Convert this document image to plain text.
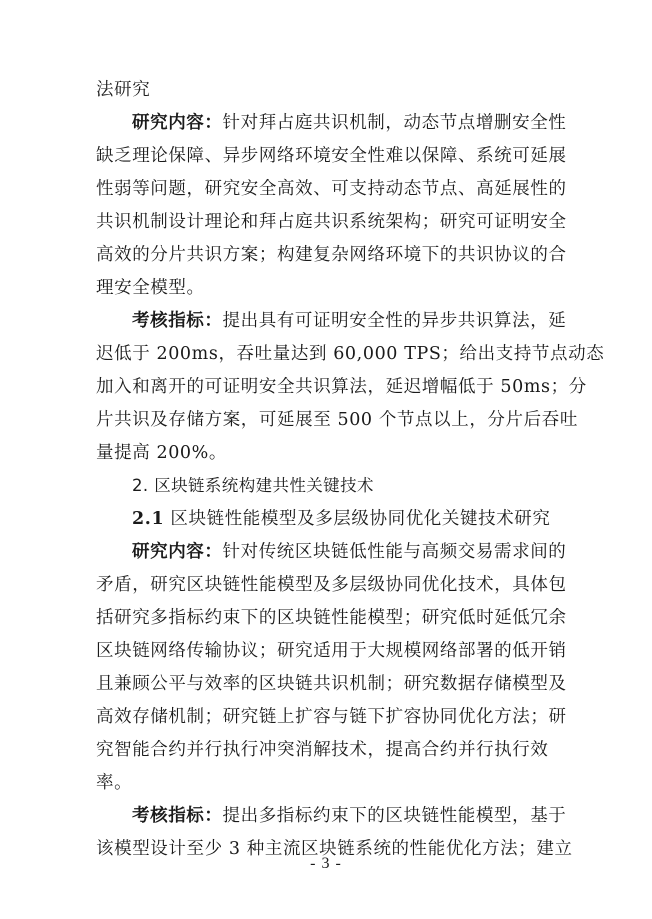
法研究
研究内容：针对拜占庭共识机制，动态节点增删安全性
缺乏理论保障、异步网络环境安全性难以保障、系统可延展
性弱等问题，研究安全高效、可支持动态节点、高延展性的
共识机制设计理论和拜占庭共识系统架构；研究可证明安全
高效的分片共识方案；构建复杂网络环境下的共识协议的合
理安全模型。
考核指标：提出具有可证明安全性的异步共识算法，延
迟低于 200ms，吞吐量达到 60,000 TPS；给出支持节点动态
加入和离开的可证明安全共识算法，延迟增幅低于 50ms；分
片共识及存储方案，可延展至 500 个节点以上，分片后吞吐
量提高 200%。
2. 区块链系统构建共性关键技术
2.1 区块链性能模型及多层级协同优化关键技术研究
研究内容：针对传统区块链低性能与高频交易需求间的
矛盾，研究区块链性能模型及多层级协同优化技术，具体包
括研究多指标约束下的区块链性能模型；研究低时延低冗余
区块链网络传输协议；研究适用于大规模网络部署的低开销
且兼顾公平与效率的区块链共识机制；研究数据存储模型及
高效存储机制；研究链上扩容与链下扩容协同优化方法；研
究智能合约并行执行冲突消解技术，提高合约并行执行效
率。
考核指标：提出多指标约束下的区块链性能模型，基于
该模型设计至少 3 种主流区块链系统的性能优化方法；建立
- 3 -
